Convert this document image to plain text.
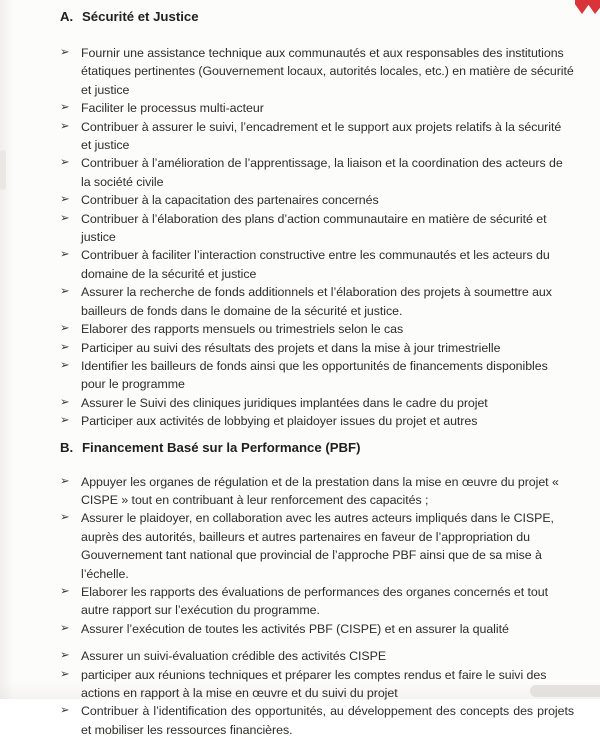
A. Sécurité et Justice
➢ Fournir une assistance technique aux communautés et aux responsables des institutions étatiques pertinentes (Gouvernement locaux, autorités locales, etc.) en matière de sécurité et justice
➢ Faciliter le processus multi-acteur
➢ Contribuer à assurer le suivi, l’encadrement et le support aux projets relatifs à la sécurité et justice
➢ Contribuer à l’amélioration de l’apprentissage, la liaison et la coordination des acteurs de la société civile
➢ Contribuer à la capacitation des partenaires concernés
➢ Contribuer à l’élaboration des plans d’action communautaire en matière de sécurité et justice
➢ Contribuer à faciliter l’interaction constructive entre les communautés et les acteurs du domaine de la sécurité et justice
➢ Assurer la recherche de fonds additionnels et l’élaboration des projets à soumettre aux bailleurs de fonds dans le domaine de la sécurité et justice.
➢ Elaborer des rapports mensuels ou trimestriels selon le cas
➢ Participer au suivi des résultats des projets et dans la mise à jour trimestrielle
➢ Identifier les bailleurs de fonds ainsi que les opportunités de financements disponibles pour le programme
➢ Assurer le Suivi des cliniques juridiques implantées dans le cadre du projet
➢ Participer aux activités de lobbying et plaidoyer issues du projet et autres
B. Financement Basé sur la Performance (PBF)
➢ Appuyer les organes de régulation et de la prestation dans la mise en œuvre du projet « CISPE » tout en contribuant à leur renforcement des capacités ;
➢ Assurer le plaidoyer, en collaboration avec les autres acteurs impliqués dans le CISPE, auprès des autorités, bailleurs et autres partenaires en faveur de l’appropriation du Gouvernement tant national que provincial de l’approche PBF ainsi que de sa mise à l’échelle.
➢ Elaborer les rapports des évaluations de performances des organes concernés et tout autre rapport sur l’exécution du programme.
➢ Assurer l’exécution de toutes les activités PBF (CISPE) et en assurer la qualité
➢ Assurer un suivi-évaluation crédible des activités CISPE
➢ participer aux réunions techniques et préparer les comptes rendus et faire le suivi des actions en rapport à la mise en œuvre et du suivi du projet
➢ Contribuer à l’identification des opportunités, au développement des concepts des projets et mobiliser les ressources financières.
